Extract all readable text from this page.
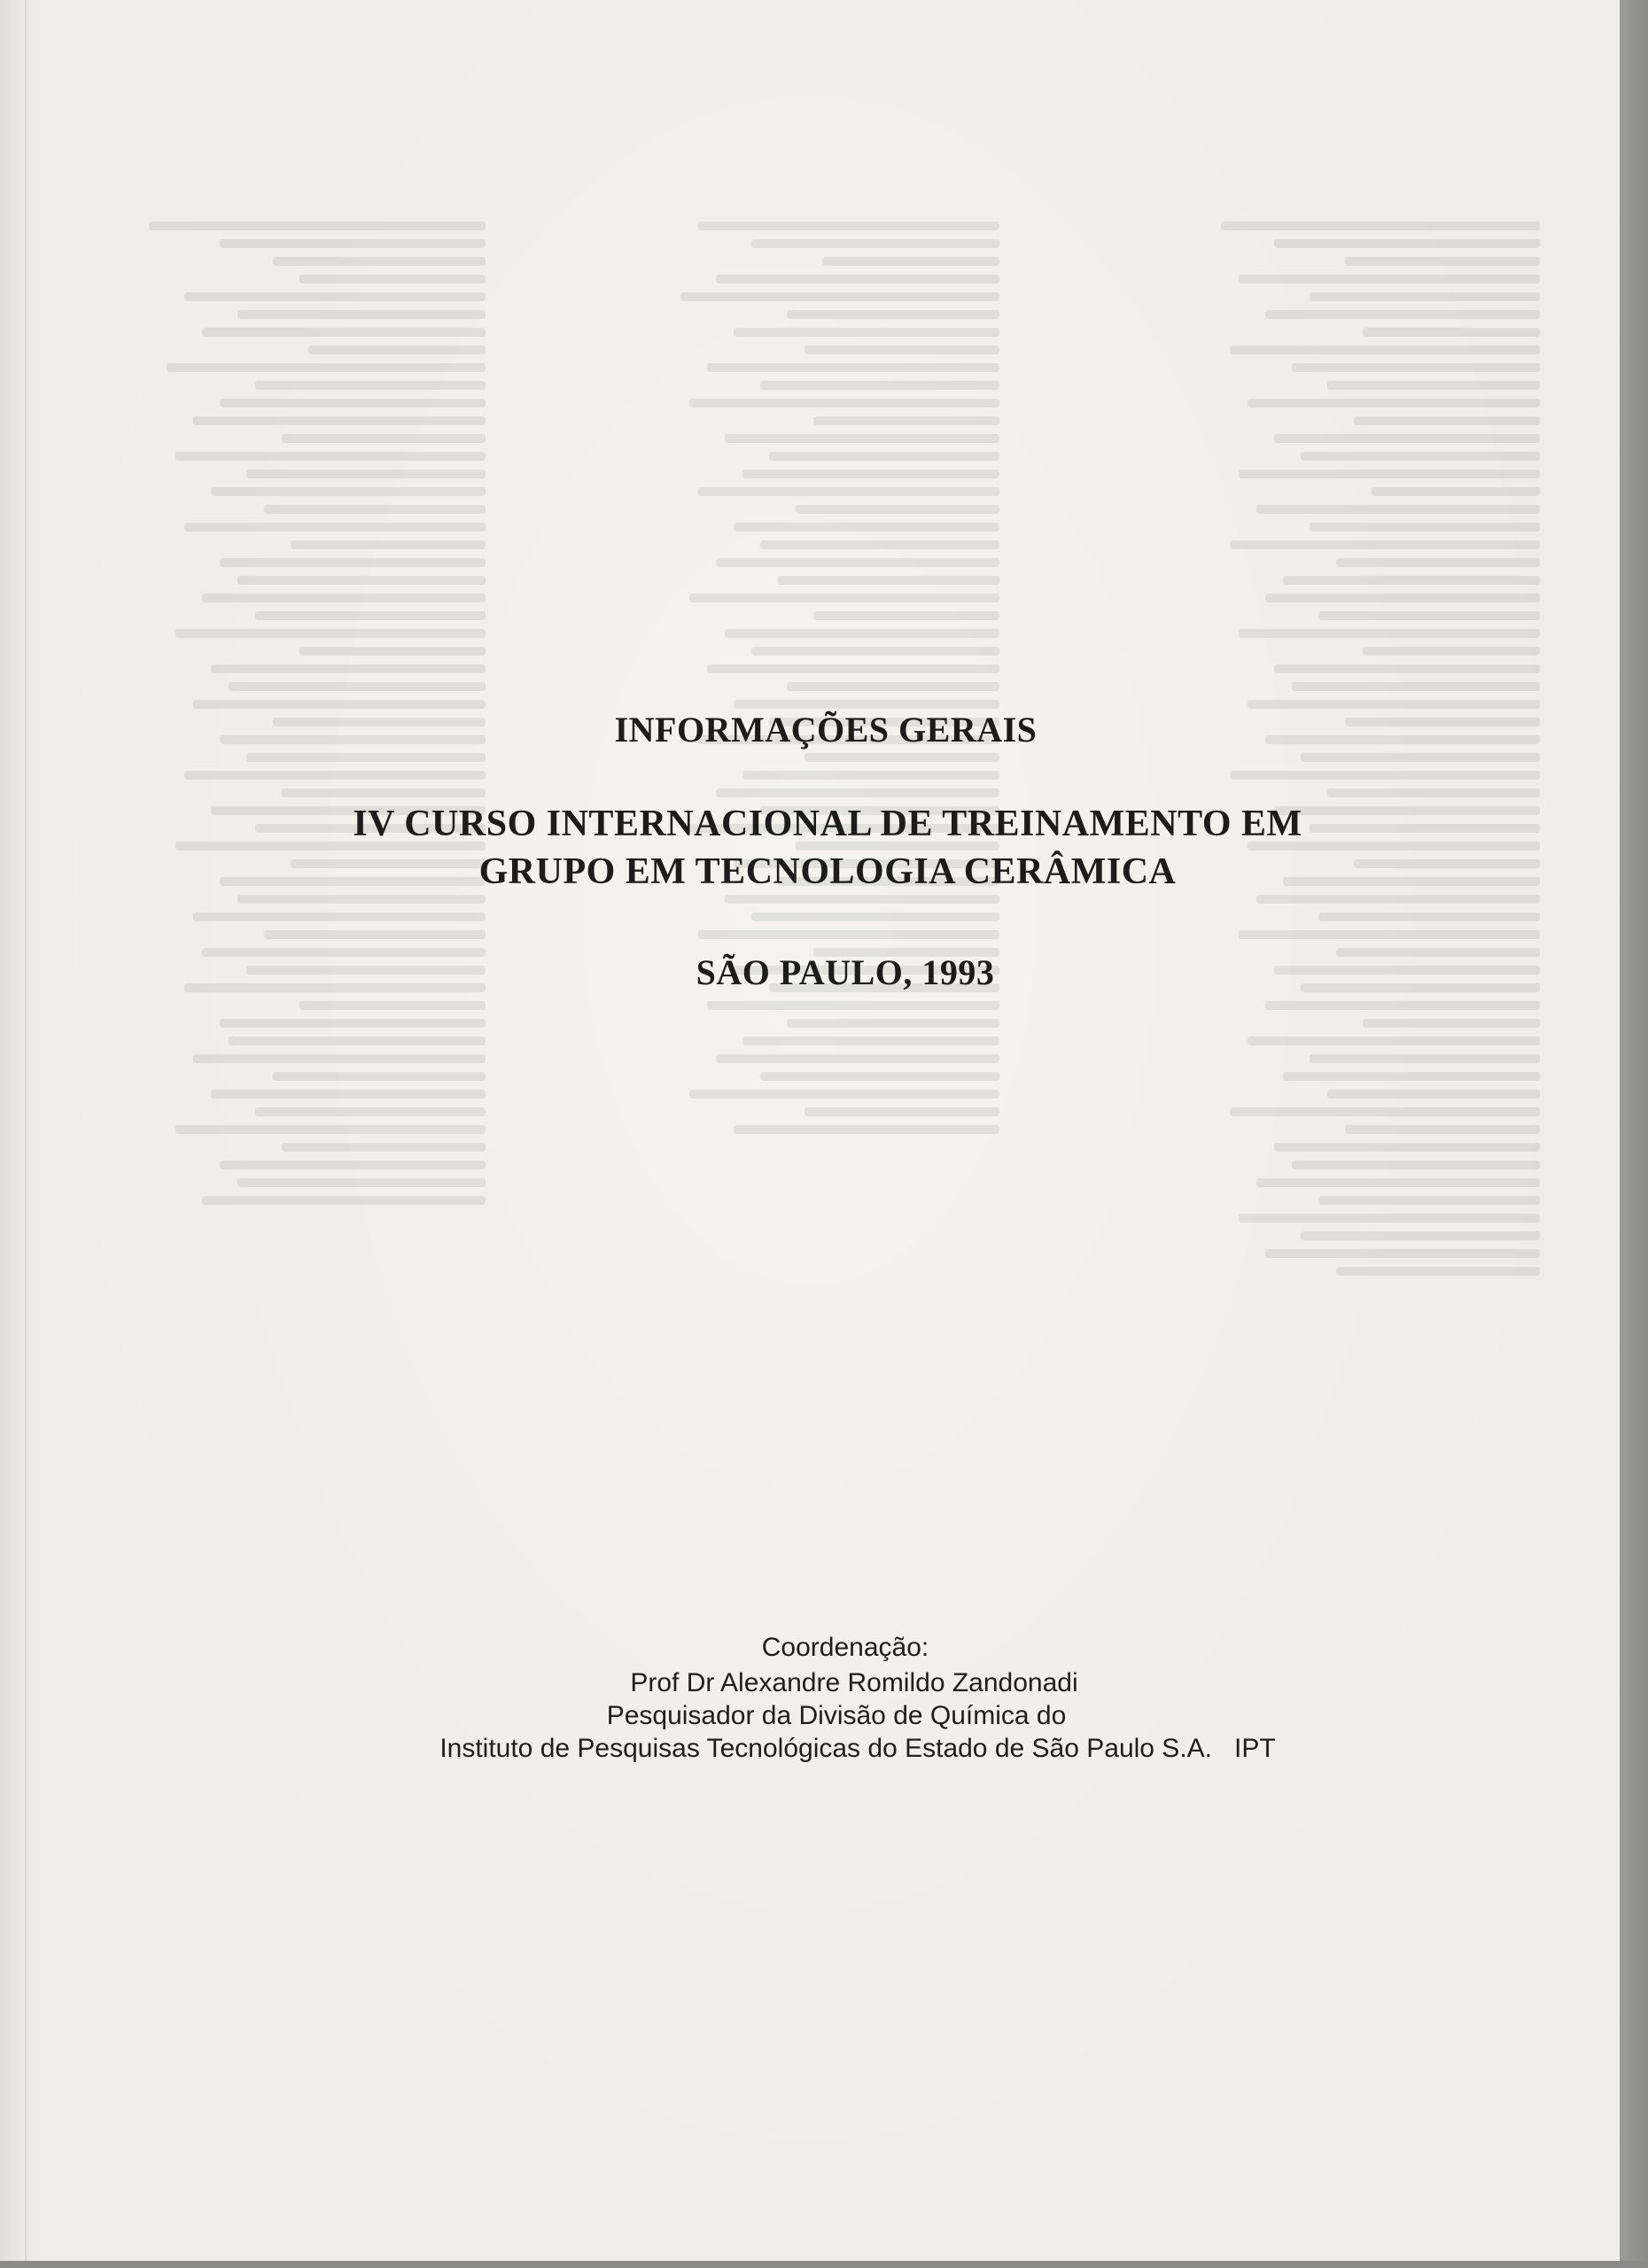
INFORMAÇÕES GERAIS
IV CURSO INTERNACIONAL DE TREINAMENTO EM
GRUPO EM TECNOLOGIA CERÂMICA
SÃO PAULO, 1993
Coordenação:
Prof Dr Alexandre Romildo Zandonadi
Pesquisador da Divisão de Química do
Instituto de Pesquisas Tecnológicas do Estado de São Paulo S.A.   IPT
